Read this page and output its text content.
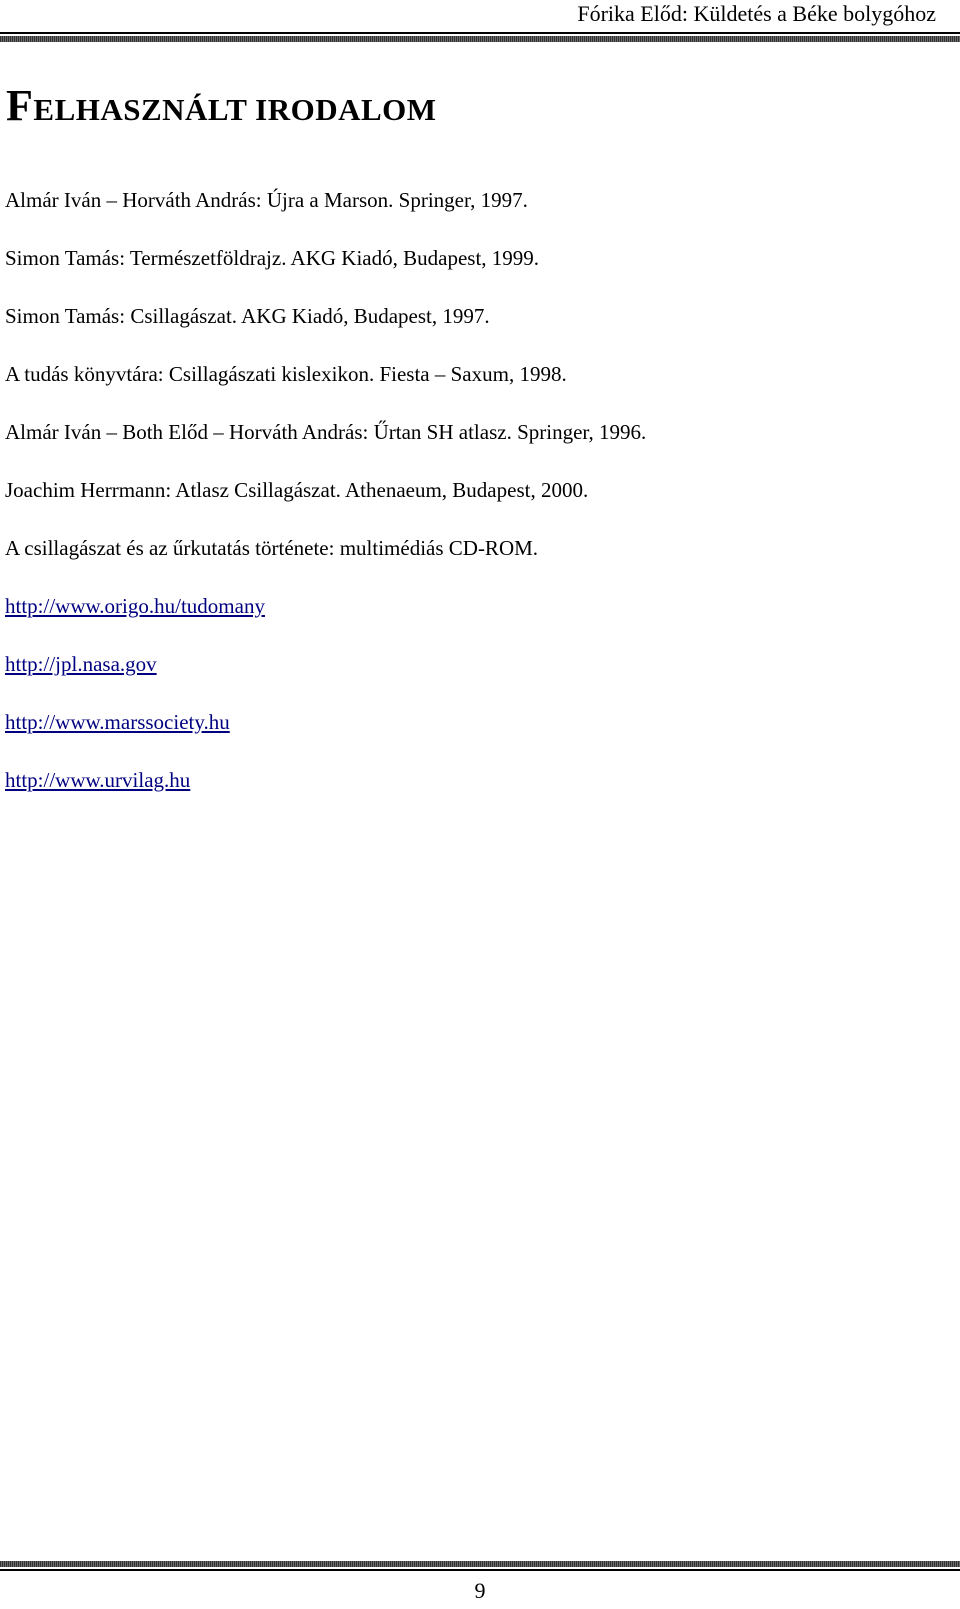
Fórika Előd: Küldetés a Béke bolygóhoz
FELHASZNÁLT IRODALOM
Almár Iván – Horváth András: Újra a Marson. Springer, 1997.
Simon Tamás: Természetföldrajz. AKG Kiadó, Budapest, 1999.
Simon Tamás: Csillagászat. AKG Kiadó, Budapest, 1997.
A tudás könyvtára: Csillagászati kislexikon. Fiesta – Saxum, 1998.
Almár Iván – Both Előd – Horváth András: Űrtan SH atlasz. Springer, 1996.
Joachim Herrmann: Atlasz Csillagászat. Athenaeum, Budapest, 2000.
A csillagászat és az űrkutatás története: multimédiás CD-ROM.
http://www.origo.hu/tudomany
http://jpl.nasa.gov
http://www.marssociety.hu
http://www.urvilag.hu
9
